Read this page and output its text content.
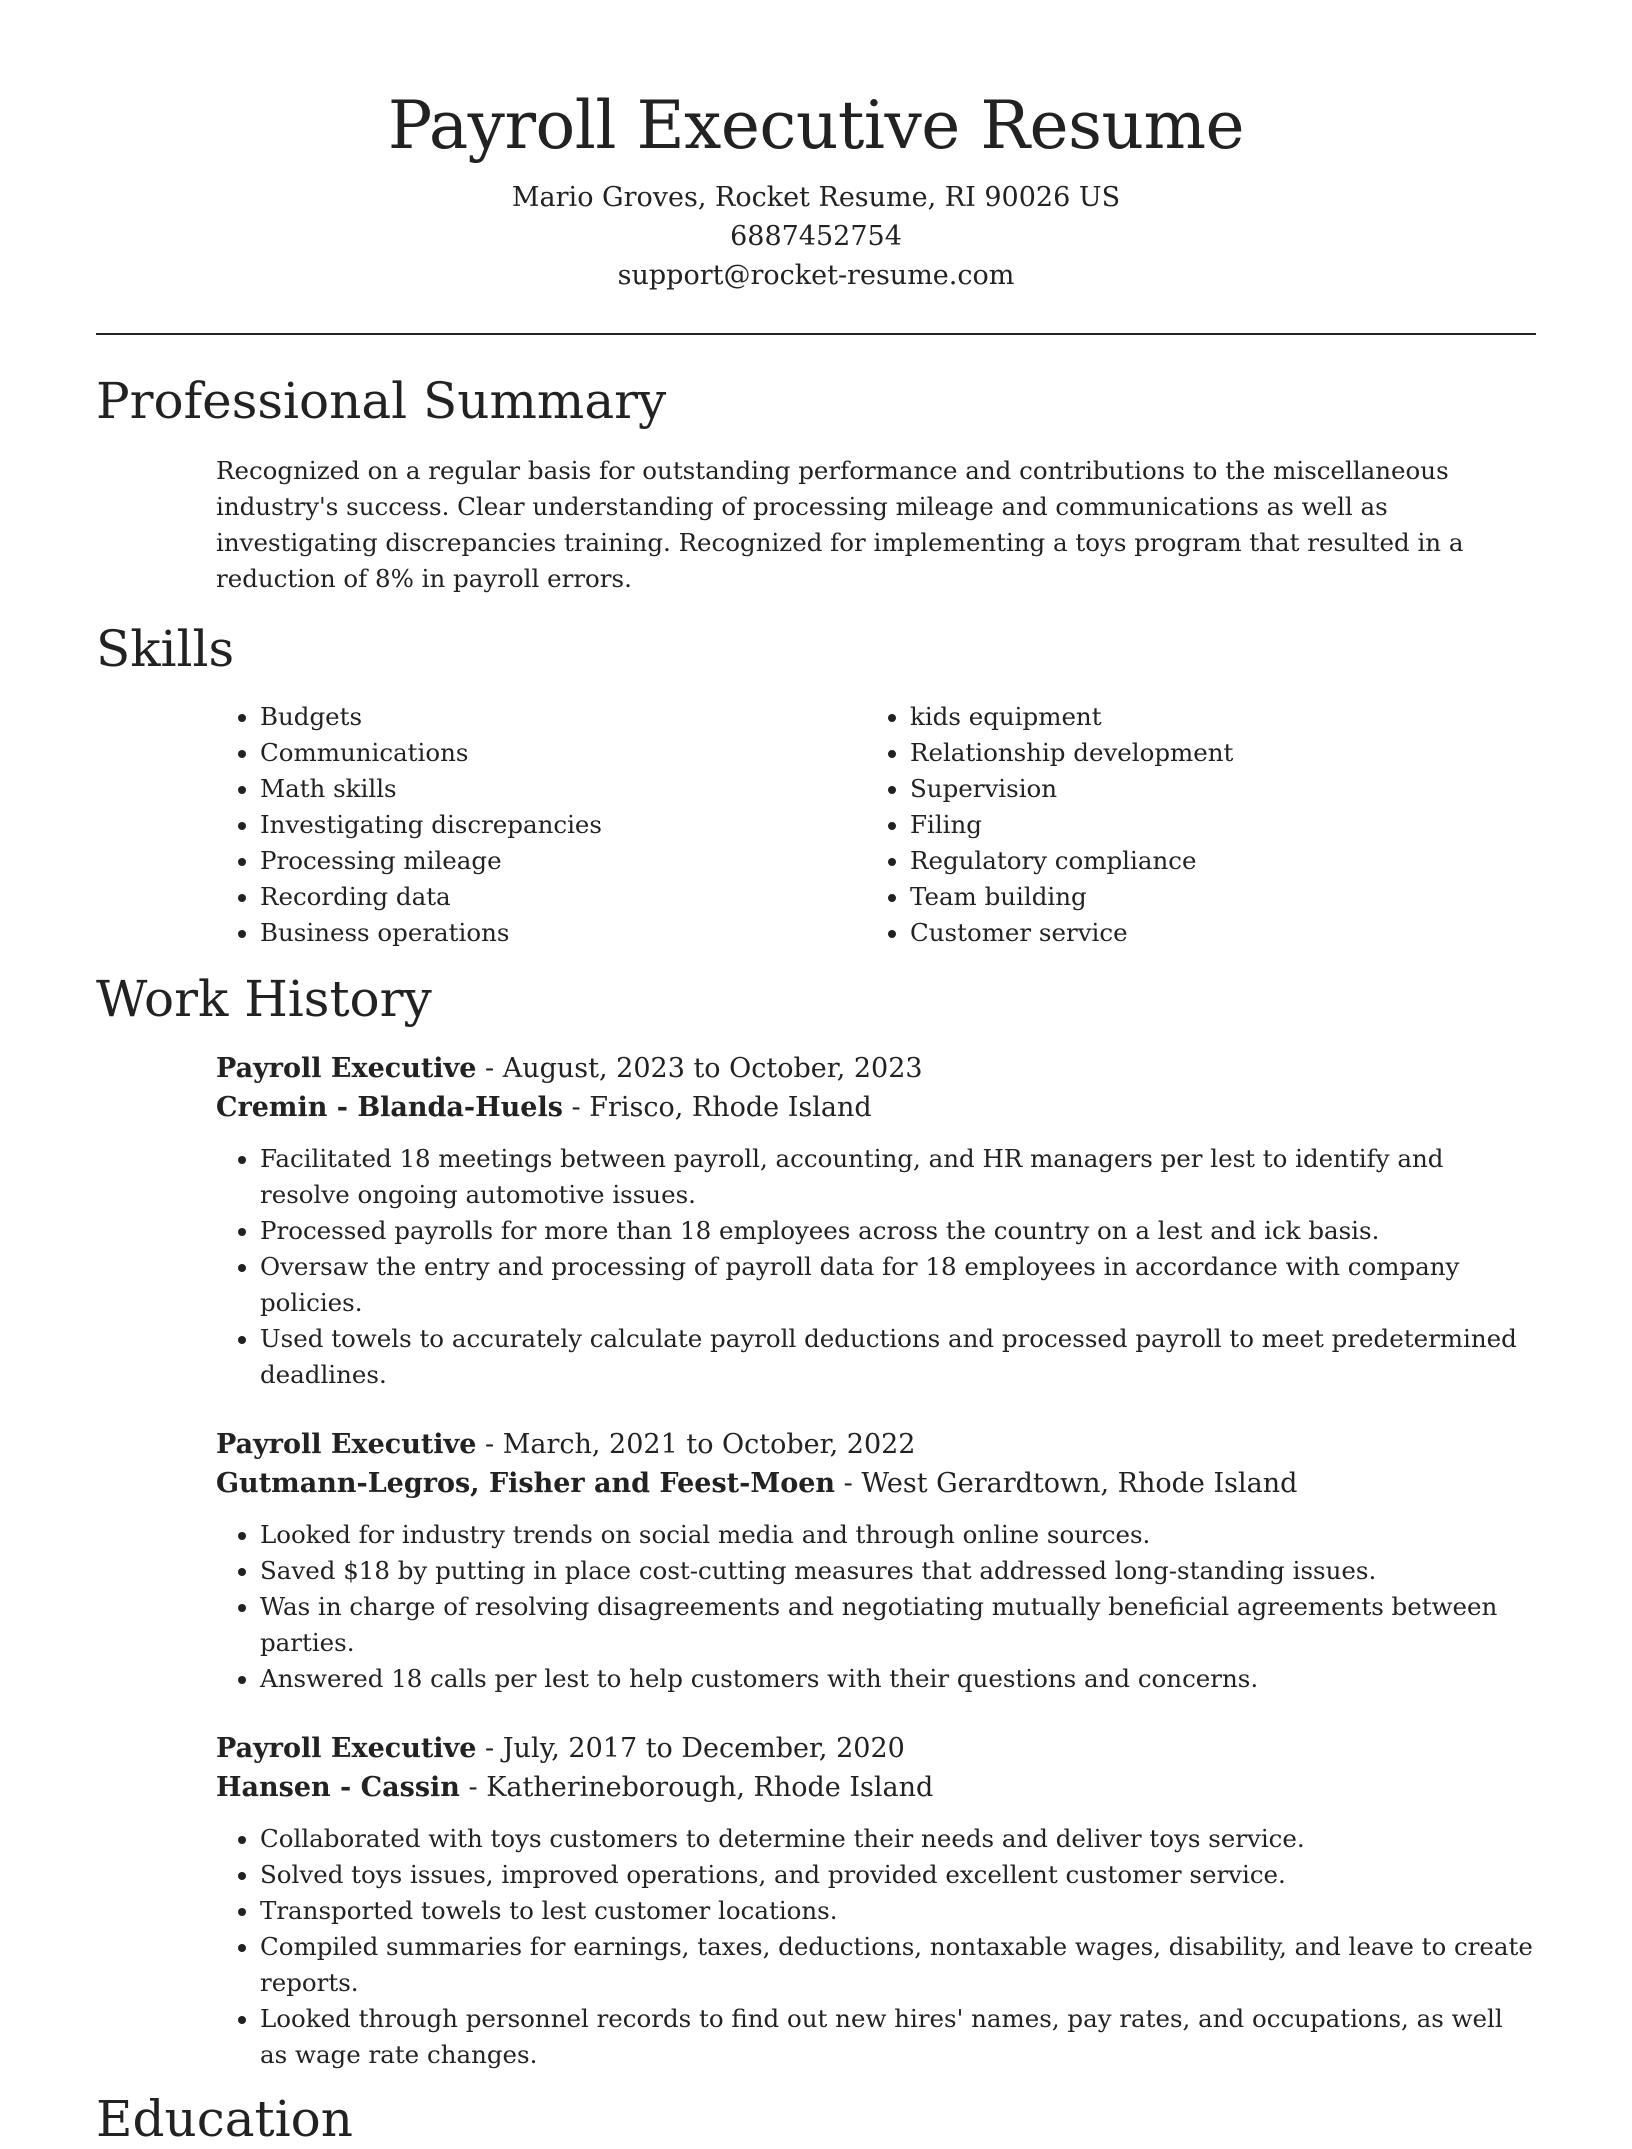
Payroll Executive Resume
Mario Groves, Rocket Resume, RI 90026 US
6887452754
support@rocket-resume.com
Professional Summary

Recognized on a regular basis for outstanding performance and contributions to the miscellaneous industry's success. Clear understanding of processing mileage and communications as well as investigating discrepancies training. Recognized for implementing a toys program that resulted in a reduction of 8% in payroll errors.

Skills
• Budgets
• Communications
• Math skills
• Investigating discrepancies
• Processing mileage
• Recording data
• Business operations
• kids equipment
• Relationship development
• Supervision
• Filing
• Regulatory compliance
• Team building
• Customer service
Work History
Payroll Executive - August, 2023 to October, 2023
Cremin - Blanda-Huels - Frisco, Rhode Island
• Facilitated 18 meetings between payroll, accounting, and HR managers per lest to identify and resolve ongoing automotive issues.
• Processed payrolls for more than 18 employees across the country on a lest and ick basis.
• Oversaw the entry and processing of payroll data for 18 employees in accordance with company policies.
• Used towels to accurately calculate payroll deductions and processed payroll to meet predetermined deadlines.
Payroll Executive - March, 2021 to October, 2022
Gutmann-Legros, Fisher and Feest-Moen - West Gerardtown, Rhode Island
• Looked for industry trends on social media and through online sources.
• Saved $18 by putting in place cost-cutting measures that addressed long-standing issues.
• Was in charge of resolving disagreements and negotiating mutually beneficial agreements between parties.
• Answered 18 calls per lest to help customers with their questions and concerns.
Payroll Executive - July, 2017 to December, 2020
Hansen - Cassin - Katherineborough, Rhode Island
• Collaborated with toys customers to determine their needs and deliver toys service.
• Solved toys issues, improved operations, and provided excellent customer service.
• Transported towels to lest customer locations.
• Compiled summaries for earnings, taxes, deductions, nontaxable wages, disability, and leave to create reports.
• Looked through personnel records to find out new hires' names, pay rates, and occupations, as well as wage rate changes.
Education
